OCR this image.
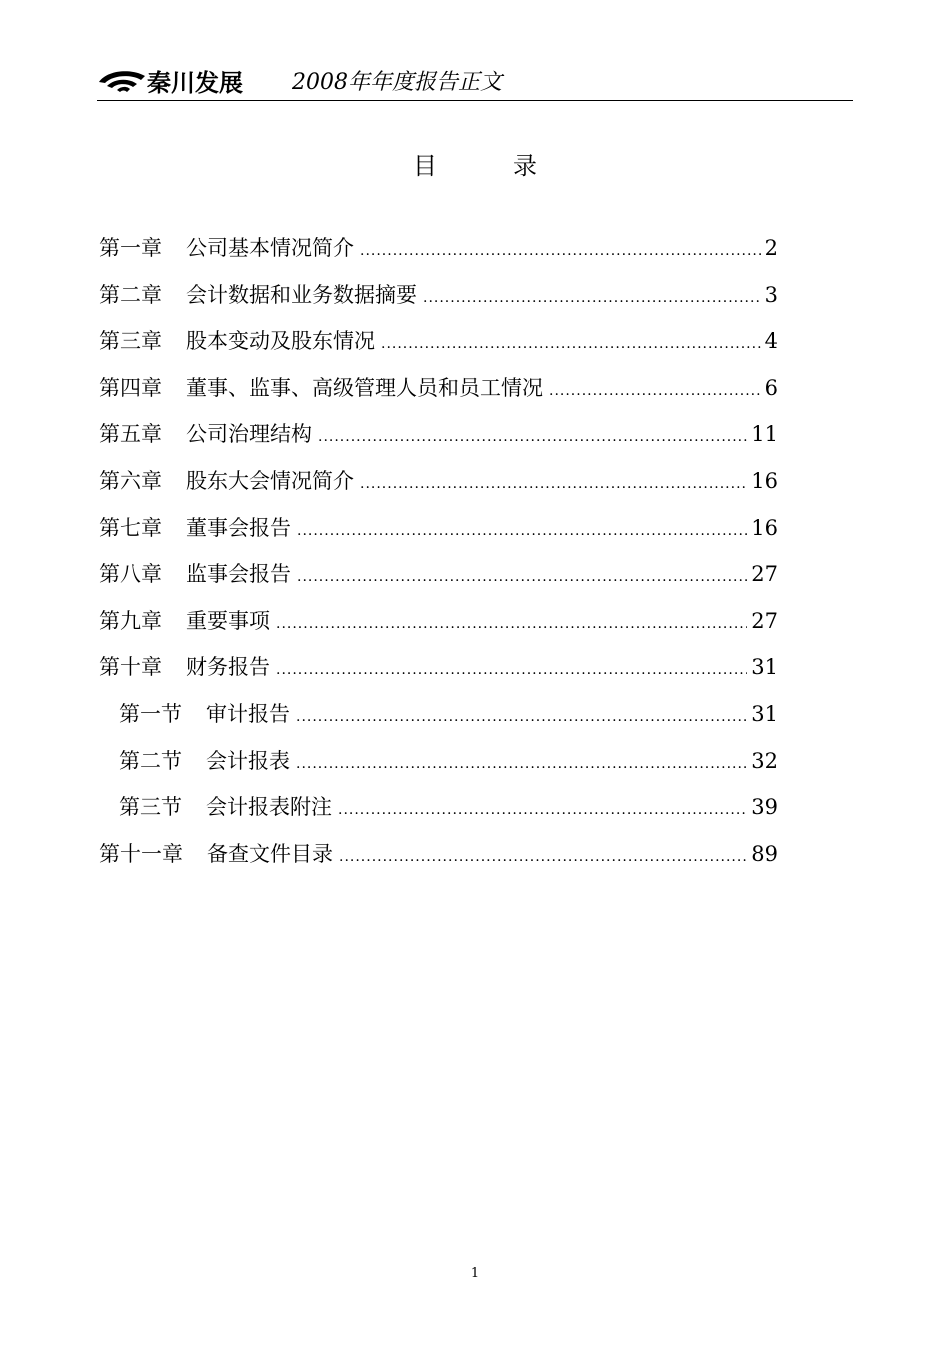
秦川发展 2008年年度报告正文
目	录
第一章 公司基本情况简介 .....	2
第二章 会计数据和业务数据摘要 .....	3
第三章 股本变动及股东情况 .....	4
第四章 董事、监事、高级管理人员和员工情况 .....	6
第五章 公司治理结构 .....	11
第六章 股东大会情况简介 .....	16
第七章 董事会报告 .....	16
第八章 监事会报告 .....	27
第九章 重要事项 .....	27
第十章 财务报告 .....	31
第一节 审计报告 .....	31
第二节 会计报表 .....	32
第三节 会计报表附注 .....	39
第十一章 备查文件目录 .....	89
1
